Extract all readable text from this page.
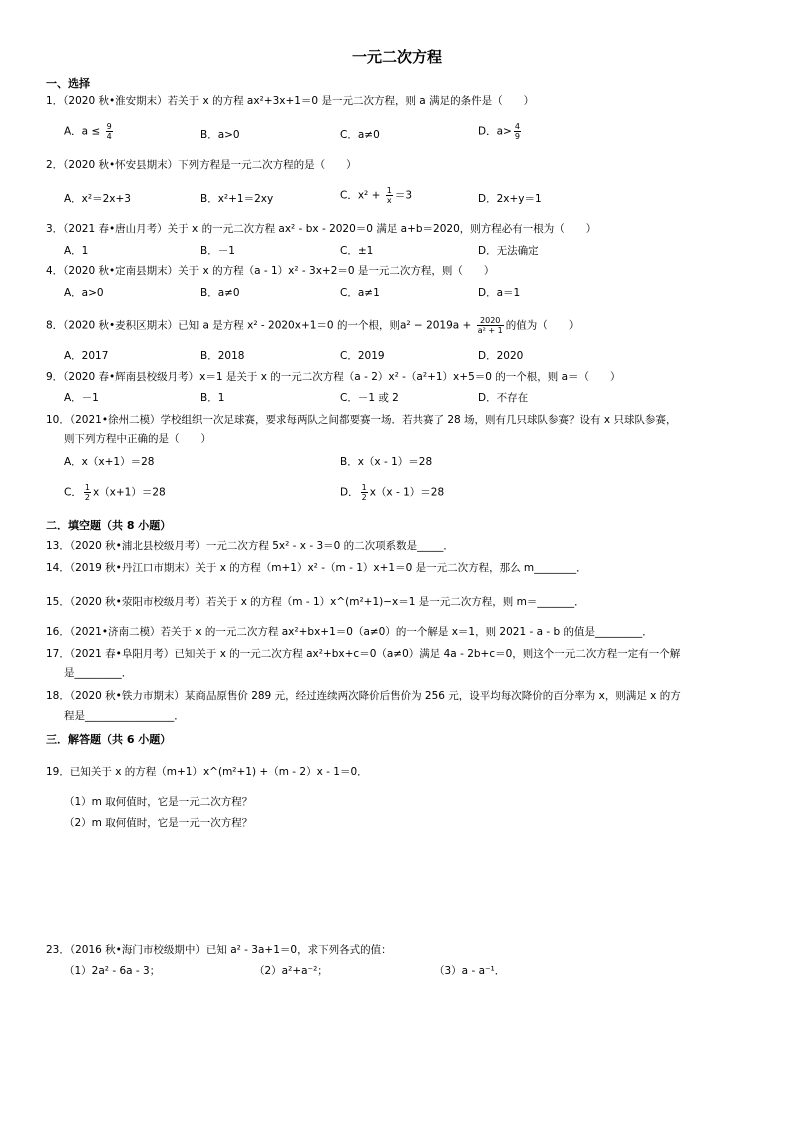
一元二次方程
一、选择
1．（2020 秋•淮安期末）若关于 x 的方程 ax²+3x+1＝0 是一元二次方程，则 a 满足的条件是（　　）
A．$a \le \frac{9}{4}$	B．a>0	C．a≠0	D．$a> \frac{4}{9}$
2．（2020 秋•怀安县期末）下列方程是一元二次方程的是（　　）
A．x²＝2x+3	B．x²+1＝2xy	C．$x^2 + \frac{1}{x} =3$	D．2x+y＝1
3．（2021 春•唐山月考）关于 x 的一元二次方程 ax² - bx - 2020＝0 满足 a+b＝2020，则方程必有一根为（　　）
A．1	B．－1	C．±1	D．无法确定
4．（2020 秋•定南县期末）关于 x 的方程（a - 1）x² - 3x+2＝0 是一元二次方程，则（　　）
A．a>0	B．a≠0	C．a≠1	D．a＝1
8．（2020 秋•麦积区期末）已知 a 是方程 x² - 2020x+1＝0 的一个根，则$a^2 - 2019a + \frac{2020}{\text{a² + 1}}$ 的值为（　　）
A．2017	B．2018	C．2019	D．2020
9．（2020 春•辉南县校级月考）x＝1 是关于 x 的一元二次方程（a - 2）x² -（a²+1）x+5＝0 的一个根，则 a＝（　　）
A．－1	B．1	C．－1 或 2	D．不存在
10．（2021•徐州二模）学校组织一次足球赛，要求每两队之间都要赛一场．若共赛了 28 场，则有几只球队参赛？设有 x 只球队参赛，
则下列方程中正确的是（　　）
A．x（x+1）＝28	B．x（x - 1）＝28
C． $\frac{1}{2} x(x+1)=28$	D． $\frac{1}{2} x(x - 1)=28$
二．填空题（共 8 小题）
13．（2020 秋•浦北县校级月考）一元二次方程 5x² - x - 3＝0 的二次项系数是_____．
14．（2019 秋•丹江口市期末）关于 x 的方程（m+1）x² -（m - 1）x+1＝0 是一元二次方程，那么 m________．
15．（2020 秋•荥阳市校级月考）若关于 x 的方程（m - 1）x^(m²+1)−x＝1 是一元二次方程，则 m＝_______．
16．（2021•济南二模）若关于 x 的一元二次方程 ax²+bx+1＝0（a≠0）的一个解是 x＝1，则 2021 - a - b 的值是_________．
17．（2021 春•阜阳月考）已知关于 x 的一元二次方程 ax²+bx+c＝0（a≠0）满足 4a - 2b+c＝0，则这个一元二次方程一定有一个解
是_________．
18．（2020 秋•铁力市期末）某商品原售价 289 元，经过连续两次降价后售价为 256 元，设平均每次降价的百分率为 x，则满足 x 的方
程是_________________．
三．解答题（共 6 小题）
19．已知关于 x 的方程（m+1）x^(m²+1) +（m - 2）x - 1＝0．
（1）m 取何值时，它是一元二次方程？
（2）m 取何值时，它是一元一次方程？
23．（2016 秋•海门市校级期中）已知 a² - 3a+1＝0，求下列各式的值：
（1）2a² - 6a - 3；	（2）a²+a⁻²；	（3）a - a⁻¹．
